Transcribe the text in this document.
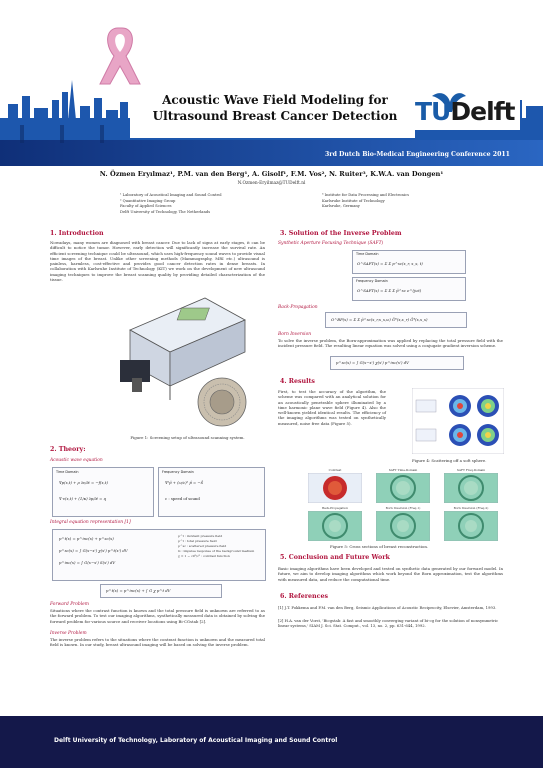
Acoustic Wave Field Modeling for
Ultrasound Breast Cancer Detection TUDelft
3rd Dutch Bio-Medical Engineering Conference 2011
N. Özmen Eryılmaz¹, P.M. van den Berg¹, A. Gisolf¹, F.M. Vos², N. Ruiter³, K.W.A. van Dongen¹
N.Ozmen-Eryilmaz@TUDelft.nl
¹ Laboratory of Acoustical Imaging and Sound Control
² Quantitative Imaging Group
Faculty of Applied Sciences
Delft University of Technology, The Netherlands
³ Institute for Data Processing and Electronics
Karlsruhe Institute of Technology
Karlsruhe, Germany
1. Introduction
Nowadays, many women are diagnosed with breast cancer. Due to lack of signs at early stages, it can be difficult to notice the tumor. However, early detection will significantly increase the survival rate. An efficient screening technique could be ultrasound, which uses high-frequency sound waves to provide visual time images of the breast. Unlike other screening methods (Mammography, MRI etc.) ultrasound is painless, harmless, cost-effective and provides good cancer detection rates in dense breasts. In collaboration with Karlsruhe Institute of Technology (KIT) we work on the development of new ultrasound imaging techniques to improve the breast scanning quality by providing detailed characterization of the tissue.
Figure 1: Screening setup of ultrasound scanning system.
2. Theory:
Acoustic wave equation
Time Domain
∇p(x,t) + ρ ∂v/∂t = −f(x,t)
∇·v(x,t) + (1/κ) ∂p/∂t = q
Frequency Domain
∇²p̂ + (ω/c)² p̂ = −Ŝ
c : speed of sound
Integral equation representation [1]
p^t(x) = p^inc(x) + p^sc(x)
p^sc(x) = ∫ G(x−x') χ(x') p^t(x') dV
p^inc(x) = ∫ G(x−x') S(x') dV
p^t : incident pressure field
p^t : total pressure field
p^sc : scattered pressure field
G : impulse response of the background medium
χ = 1 − c0²/c² : contrast function
p^t(x) = p^inc(x) + ∫ G χ p^t dV
Forward Problem
Situations where the contrast function is known and the total pressure field is unknown are referred to as the forward problem. To test our imaging algorithms, synthetically measured data is obtained by solving the forward problem for various source and receiver locations using Bi-CGstab [2].
Inverse Problem
The inverse problem refers to the situations where the contrast function is unknown and the measured total field is known. In our study, breast ultrasound imaging will be based on solving the inverse problem.
3. Solution of the Inverse Problem
Synthetic Aperture Focusing Technique (SAFT)
Time Domain
O^SAFT(x) = Σ Σ p^sc(x_r, x_s, t)
Frequency Domain
O^SAFT(x) = Σ Σ Σ p̂^sc e^(jωt)
Back-Propagation
O^BP(x) = Σ Σ p̂^sc(x_r,x_s,ω) Ĝ*(x,x_r) Ĝ*(x,x_s)
Born Inversion
To solve the inverse problem, the Born-approximation was applied by replacing the total pressure field with the incident pressure field. The resulting linear equation was solved using a conjugate gradient inversion scheme.
p^sc(x) = ∫ G(x−x') χ(x') p^inc(x') dV
4. Results
First, to test the accuracy of the algorithm, the scheme was compared with an analytical solution for an acoustically penetrable sphere illuminated by a time harmonic plane wave field (Figure 4). Also the well-known yielded identical results. The efficiency of the imaging algorithms was tested on synthetically measured, noise free data (Figure 5).
Figure 4: Scattering off a soft sphere.
Contrast	SAFT Time-Domain	SAFT Freq-Domain
Back-Propagation	Born Inversion (Freq-1)	Born Inversion (Freq-2)
Figure 5: Cross sections of breast reconstruction.
5. Conclusion and Future Work
Basic imaging algorithms have been developed and tested on synthetic data generated by our forward model. In future, we aim to develop imaging algorithms which work beyond the Born approximation, test the algorithms with measured data, and reduce the computational time.
6. References
[1] J.T. Fokkema and P.M. van den Berg, Seismic Applications of Acoustic Reciprocity, Elsevier, Amsterdam, 1993.
[2] H.A. van der Vorst, 'Bicgstab: A fast and smoothly converging variant of bi-cg for the solution of nonsymmetric linear systems,' SIAM J. Sci. Stat. Comput., vol. 13, no. 2, pp. 631-644, 1992.
Delft University of Technology, Laboratory of Acoustical Imaging and Sound Control
